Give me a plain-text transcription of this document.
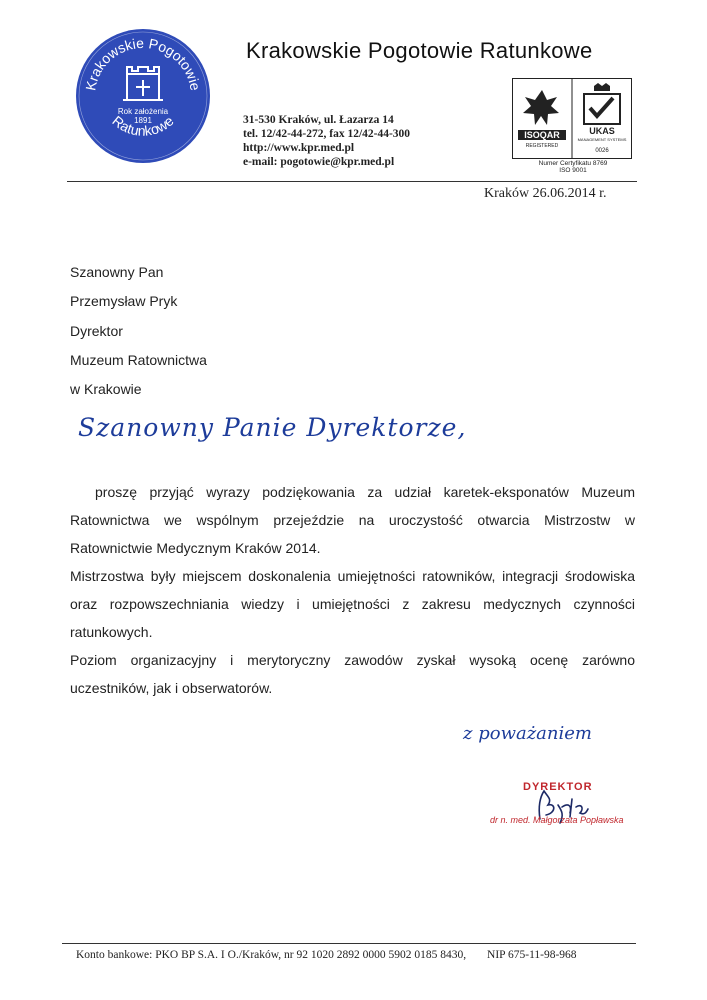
Krakowskie Pogotowie
Ratunkowe
Rok założenia
1891
Krakowskie Pogotowie Ratunkowe
31-530 Kraków, ul. Łazarza 14
tel. 12/42-44-272, fax 12/42-44-300
http://www.kpr.med.pl
e-mail: pogotowie@kpr.med.pl
ISOQAR
REGISTERED
UKAS
MANAGEMENT SYSTEMS
0026
Numer Certyfikatu 8769
ISO 9001
Kraków 26.06.2014 r.
Szanowny Pan
Przemysław Pryk
Dyrektor
Muzeum Ratownictwa
w Krakowie
Szanowny Panie Dyrektorze,

proszę przyjąć wyrazy podziękowania za udział karetek-eksponatów Muzeum Ratownictwa we wspólnym przejeździe na uroczystość otwarcia Mistrzostw w Ratownictwie Medycznym Kraków 2014.

Mistrzostwa były miejscem doskonalenia umiejętności ratowników, integracji środowiska oraz rozpowszechniania wiedzy i umiejętności z zakresu medycznych czynności ratunkowych.

Poziom organizacyjny i merytoryczny zawodów zyskał wysoką ocenę zarówno uczestników, jak i obserwatorów.

z poważaniem
DYREKTOR
dr n. med. Małgorzata Popławska
Konto bankowe: PKO BP S.A. I O./Kraków, nr 92 1020 2892 0000 5902 0185 8430, NIP 675-11-98-968
